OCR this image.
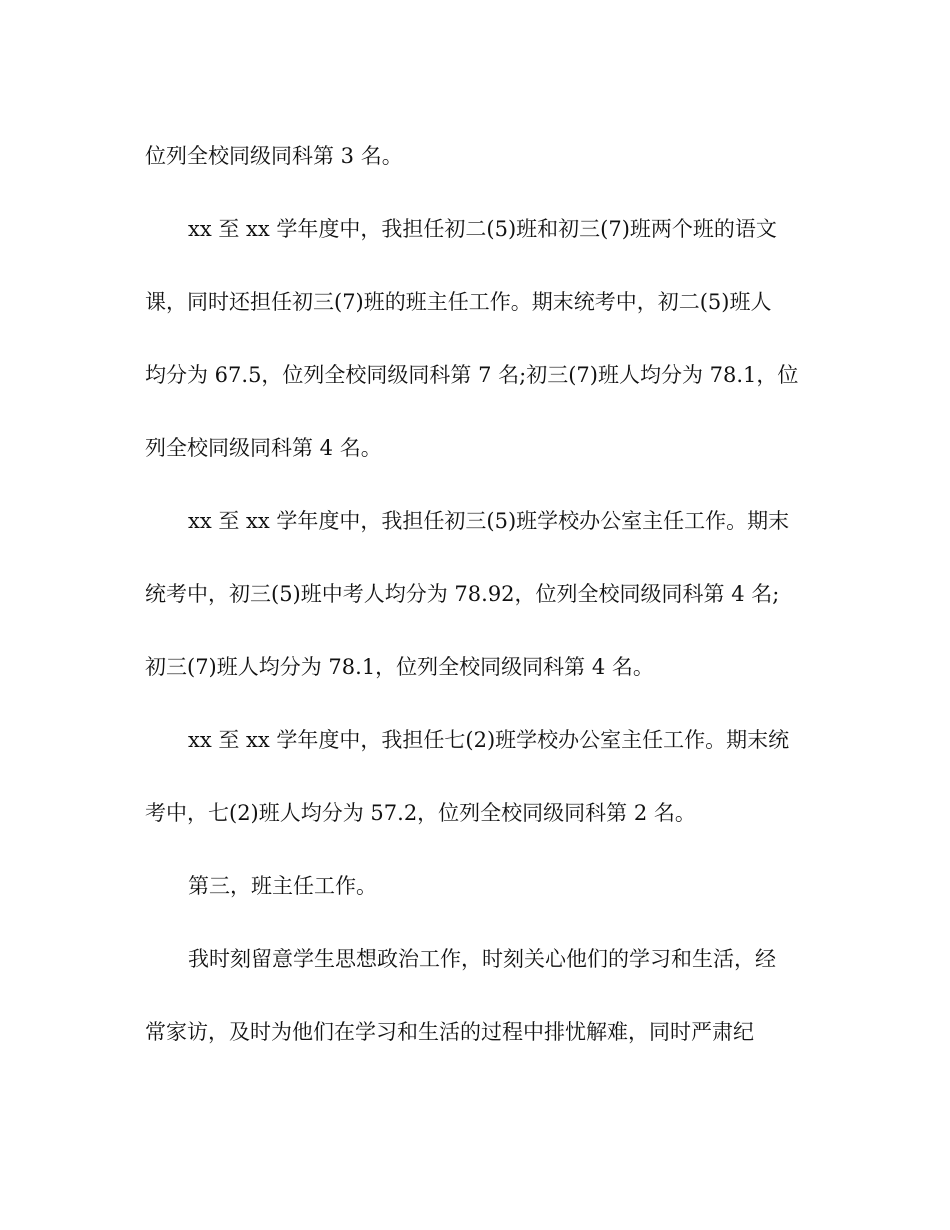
位列全校同级同科第 3 名。

xx 至 xx 学年度中，我担任初二(5)班和初三(7)班两个班的语文

课，同时还担任初三(7)班的班主任工作。期末统考中，初二(5)班人

均分为 67.5，位列全校同级同科第 7 名;初三(7)班人均分为 78.1，位

列全校同级同科第 4 名。

xx 至 xx 学年度中，我担任初三(5)班学校办公室主任工作。期末

统考中，初三(5)班中考人均分为 78.92，位列全校同级同科第 4 名;

初三(7)班人均分为 78.1，位列全校同级同科第 4 名。

xx 至 xx 学年度中，我担任七(2)班学校办公室主任工作。期末统

考中，七(2)班人均分为 57.2，位列全校同级同科第 2 名。

第三，班主任工作。

我时刻留意学生思想政治工作，时刻关心他们的学习和生活，经

常家访，及时为他们在学习和生活的过程中排忧解难，同时严肃纪
